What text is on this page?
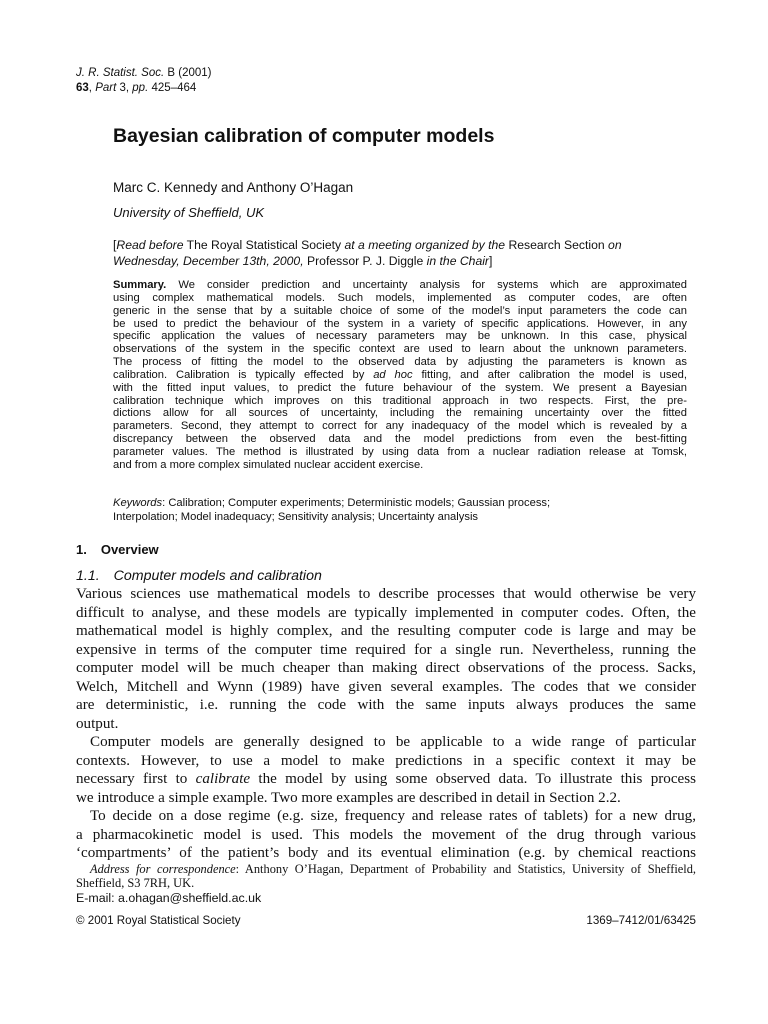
J. R. Statist. Soc. B (2001)
63, Part 3, pp. 425–464
Bayesian calibration of computer models
Marc C. Kennedy and Anthony O’Hagan
University of Sheffield, UK
[Read before The Royal Statistical Society at a meeting organized by the Research Section on
Wednesday, December 13th, 2000, Professor P. J. Diggle in the Chair]
Summary. We consider prediction and uncertainty analysis for systems which are approximated
using complex mathematical models. Such models, implemented as computer codes, are often
generic in the sense that by a suitable choice of some of the model’s input parameters the code can
be used to predict the behaviour of the system in a variety of specific applications. However, in any
specific application the values of necessary parameters may be unknown. In this case, physical
observations of the system in the specific context are used to learn about the unknown parameters.
The process of fitting the model to the observed data by adjusting the parameters is known as
calibration. Calibration is typically effected by ad hoc fitting, and after calibration the model is used,
with the fitted input values, to predict the future behaviour of the system. We present a Bayesian
calibration technique which improves on this traditional approach in two respects. First, the pre-
dictions allow for all sources of uncertainty, including the remaining uncertainty over the fitted
parameters. Second, they attempt to correct for any inadequacy of the model which is revealed by a
discrepancy between the observed data and the model predictions from even the best-fitting
parameter values. The method is illustrated by using data from a nuclear radiation release at Tomsk,
and from a more complex simulated nuclear accident exercise.
Keywords: Calibration; Computer experiments; Deterministic models; Gaussian process;
Interpolation; Model inadequacy; Sensitivity analysis; Uncertainty analysis
1. Overview
1.1. Computer models and calibration
Various sciences use mathematical models to describe processes that would otherwise be very
difficult to analyse, and these models are typically implemented in computer codes. Often, the
mathematical model is highly complex, and the resulting computer code is large and may be
expensive in terms of the computer time required for a single run. Nevertheless, running the
computer model will be much cheaper than making direct observations of the process. Sacks,
Welch, Mitchell and Wynn (1989) have given several examples. The codes that we consider
are deterministic, i.e. running the code with the same inputs always produces the same
output.
Computer models are generally designed to be applicable to a wide range of particular
contexts. However, to use a model to make predictions in a specific context it may be
necessary first to calibrate the model by using some observed data. To illustrate this process
we introduce a simple example. Two more examples are described in detail in Section 2.2.
To decide on a dose regime (e.g. size, frequency and release rates of tablets) for a new drug,
a pharmacokinetic model is used. This models the movement of the drug through various
‘compartments’ of the patient’s body and its eventual elimination (e.g. by chemical reactions
Address for correspondence: Anthony O’Hagan, Department of Probability and Statistics, University of Sheffield,
Sheffield, S3 7RH, UK.
E-mail: a.ohagan@sheffield.ac.uk
© 2001 Royal Statistical Society	1369–7412/01/63425
